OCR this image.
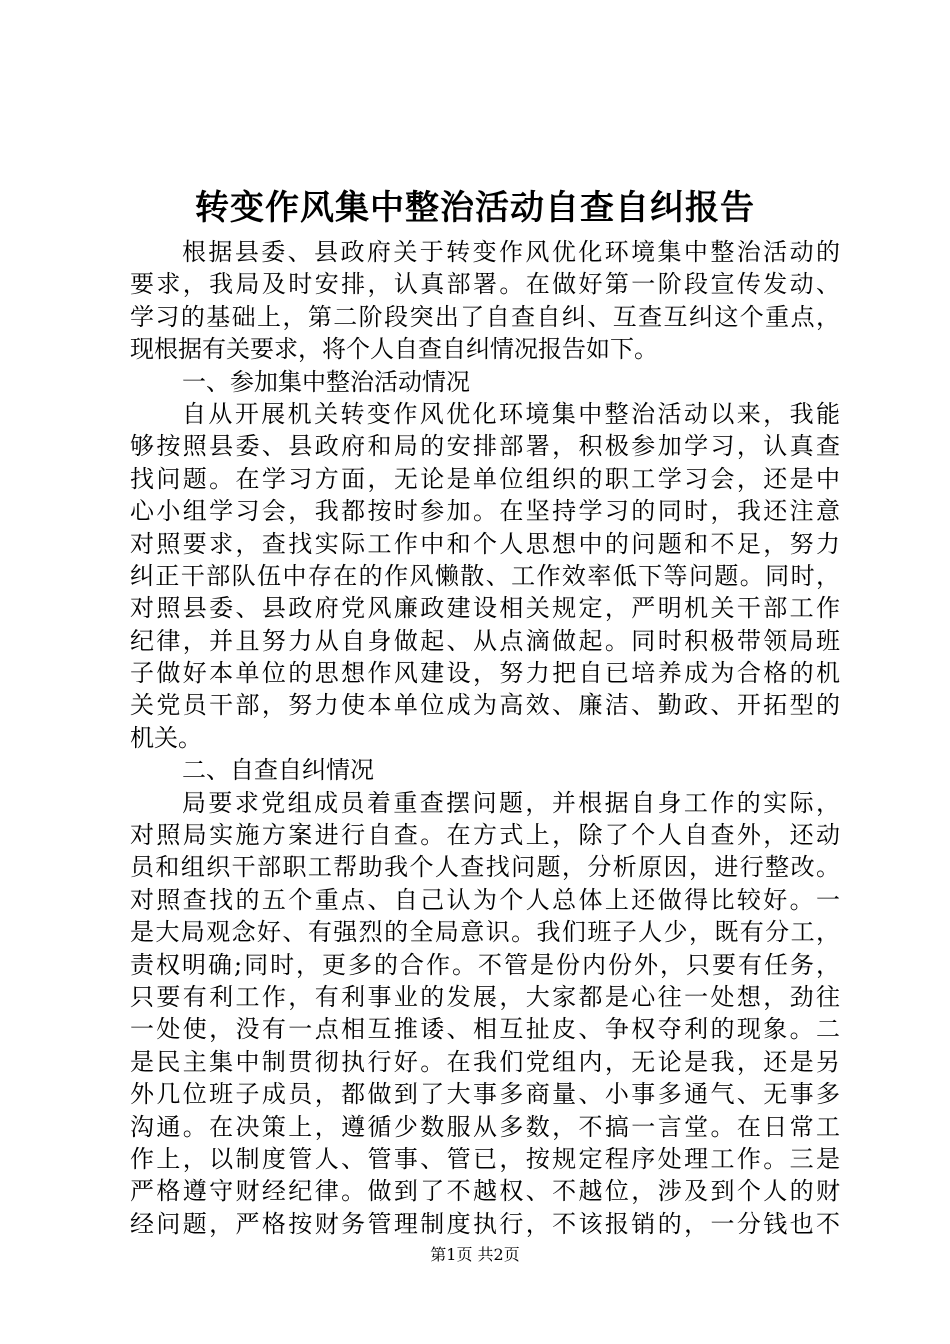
转变作风集中整治活动自查自纠报告
根据县委、县政府关于转变作风优化环境集中整治活动的
要求，我局及时安排，认真部署。在做好第一阶段宣传发动、
学习的基础上，第二阶段突出了自查自纠、互查互纠这个重点，
现根据有关要求，将个人自查自纠情况报告如下。
一、参加集中整治活动情况
自从开展机关转变作风优化环境集中整治活动以来，我能
够按照县委、县政府和局的安排部署，积极参加学习，认真查
找问题。在学习方面，无论是单位组织的职工学习会，还是中
心小组学习会，我都按时参加。在坚持学习的同时，我还注意
对照要求，查找实际工作中和个人思想中的问题和不足，努力
纠正干部队伍中存在的作风懒散、工作效率低下等问题。同时，
对照县委、县政府党风廉政建设相关规定，严明机关干部工作
纪律，并且努力从自身做起、从点滴做起。同时积极带领局班
子做好本单位的思想作风建设，努力把自已培养成为合格的机
关党员干部，努力使本单位成为高效、廉洁、勤政、开拓型的
机关。
二、自查自纠情况
局要求党组成员着重查摆问题，并根据自身工作的实际，
对照局实施方案进行自查。在方式上，除了个人自查外，还动
员和组织干部职工帮助我个人查找问题，分析原因，进行整改。
对照查找的五个重点、自己认为个人总体上还做得比较好。一
是大局观念好、有强烈的全局意识。我们班子人少，既有分工，
责权明确;同时，更多的合作。不管是份内份外，只要有任务，
只要有利工作，有利事业的发展，大家都是心往一处想，劲往
一处使，没有一点相互推诿、相互扯皮、争权夺利的现象。二
是民主集中制贯彻执行好。在我们党组内，无论是我，还是另
外几位班子成员，都做到了大事多商量、小事多通气、无事多
沟通。在决策上，遵循少数服从多数，不搞一言堂。在日常工
作上，以制度管人、管事、管已，按规定程序处理工作。三是
严格遵守财经纪律。做到了不越权、不越位，涉及到个人的财
经问题，严格按财务管理制度执行，不该报销的，一分钱也不
第1页 共2页
